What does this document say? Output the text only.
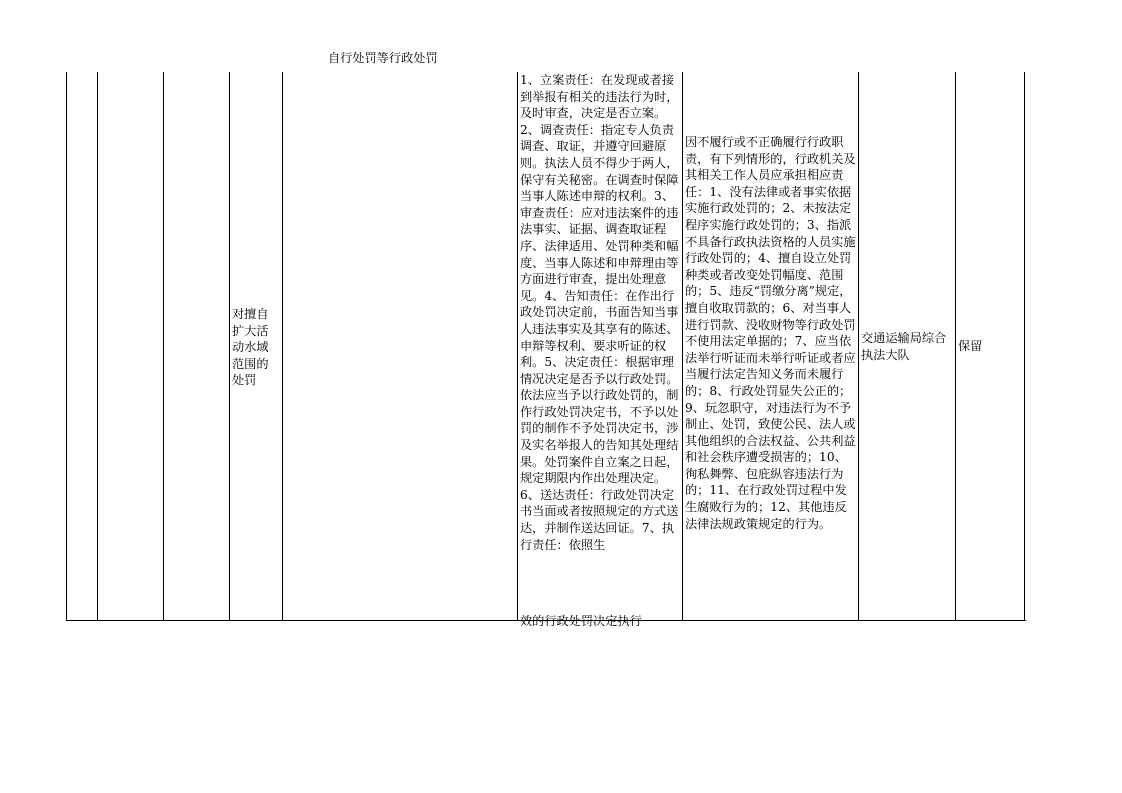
对擅自扩大活动水域范围的处罚
自行处罚等行政处罚
1、立案责任：在发现或者接到举报有相关的违法行为时，及时审查，决定是否立案。2、调查责任：指定专人负责调查、取证，并遵守回避原则。执法人员不得少于两人，保守有关秘密。在调查时保障当事人陈述申辩的权利。3、审查责任：应对违法案件的违法事实、证据、调查取证程序、法律适用、处罚种类和幅度、当事人陈述和申辩理由等方面进行审查，提出处理意见。4、告知责任：在作出行政处罚决定前，书面告知当事人违法事实及其享有的陈述、申辩等权利、要求听证的权利。5、决定责任：根据审理情况决定是否予以行政处罚。依法应当予以行政处罚的，制作行政处罚决定书，不予以处罚的制作不予处罚决定书，涉及实名举报人的告知其处理结果。处罚案件自立案之日起，规定期限内作出处理决定。
6、送达责任：行政处罚决定书当面或者按照规定的方式送达，并制作送达回证。7、执行责任：依照生
效的行政处罚决定执行
因不履行或不正确履行行政职责，有下列情形的，行政机关及其相关工作人员应承担相应责任：1、没有法律或者事实依据实施行政处罚的；2、未按法定程序实施行政处罚的；3、指派不具备行政执法资格的人员实施行政处罚的；4、擅自设立处罚种类或者改变处罚幅度、范围的；5、违反“罚缴分离”规定，擅自收取罚款的；6、对当事人进行罚款、没收财物等行政处罚不使用法定单据的；7、应当依法举行听证而未举行听证或者应当履行法定告知义务而未履行的；8、行政处罚显失公正的；9、玩忽职守，对违法行为不予制止、处罚，致使公民、法人或其他组织的合法权益、公共利益和社会秩序遭受损害的；10、徇私舞弊、包庇纵容违法行为的；11、在行政处罚过程中发生腐败行为的；12、其他违反法律法规政策规定的行为。
交通运输局综合执法大队
保留
